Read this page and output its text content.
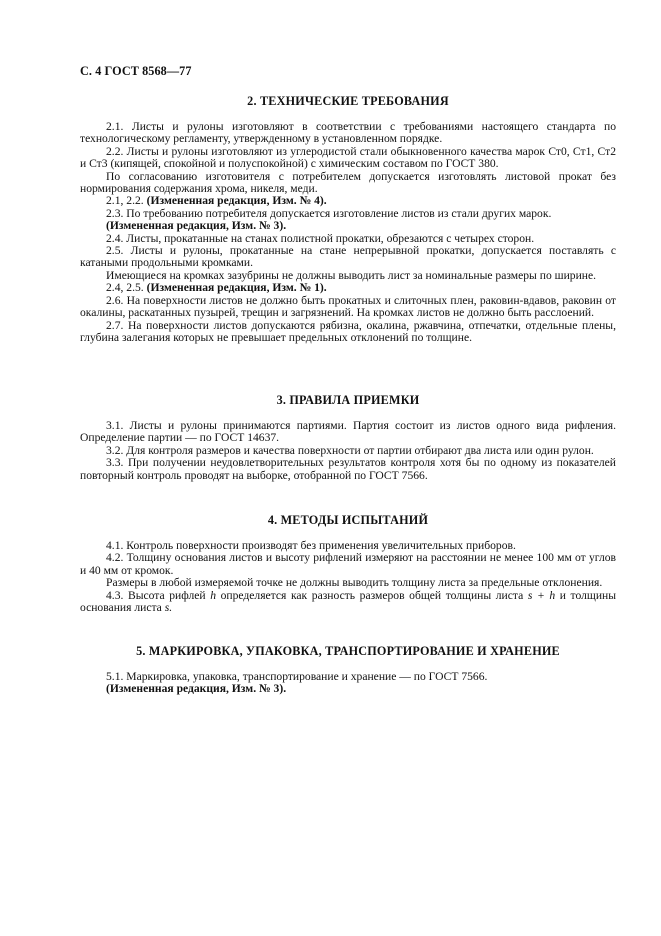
С. 4 ГОСТ 8568—77
2. ТЕХНИЧЕСКИЕ ТРЕБОВАНИЯ

2.1. Листы и рулоны изготовляют в соответствии с требованиями настоящего стандарта по технологическому регламенту, утвержденному в установленном порядке.

2.2. Листы и рулоны изготовляют из углеродистой стали обыкновенного качества марок Ст0, Ст1, Ст2 и Ст3 (кипящей, спокойной и полуспокойной) с химическим составом по ГОСТ 380.

По согласованию изготовителя с потребителем допускается изготовлять листовой прокат без нормирования содержания хрома, никеля, меди.

2.1, 2.2. (Измененная редакция, Изм. № 4).

2.3. По требованию потребителя допускается изготовление листов из стали других марок.

(Измененная редакция, Изм. № 3).

2.4. Листы, прокатанные на станах полистной прокатки, обрезаются с четырех сторон.

2.5. Листы и рулоны, прокатанные на стане непрерывной прокатки, допускается поставлять с катаными продольными кромками.

Имеющиеся на кромках зазубрины не должны выводить лист за номинальные размеры по ширине.

2.4, 2.5. (Измененная редакция, Изм. № 1).

2.6. На поверхности листов не должно быть прокатных и слиточных плен, раковин-вдавов, раковин от окалины, раскатанных пузырей, трещин и загрязнений. На кромках листов не должно быть расслоений.

2.7. На поверхности листов допускаются рябизна, окалина, ржавчина, отпечатки, отдельные плены, глубина залегания которых не превышает предельных отклонений по толщине.

3. ПРАВИЛА ПРИЕМКИ

3.1. Листы и рулоны принимаются партиями. Партия состоит из листов одного вида рифления. Определение партии — по ГОСТ 14637.

3.2. Для контроля размеров и качества поверхности от партии отбирают два листа или один рулон.

3.3. При получении неудовлетворительных результатов контроля хотя бы по одному из показателей повторный контроль проводят на выборке, отобранной по ГОСТ 7566.

4. МЕТОДЫ ИСПЫТАНИЙ

4.1. Контроль поверхности производят без применения увеличительных приборов.

4.2. Толщину основания листов и высоту рифлений измеряют на расстоянии не менее 100 мм от углов и 40 мм от кромок.

Размеры в любой измеряемой точке не должны выводить толщину листа за предельные отклонения.

4.3. Высота рифлей h определяется как разность размеров общей толщины листа s + h и толщины основания листа s.

5. МАРКИРОВКА, УПАКОВКА, ТРАНСПОРТИРОВАНИЕ И ХРАНЕНИЕ

5.1. Маркировка, упаковка, транспортирование и хранение — по ГОСТ 7566.

(Измененная редакция, Изм. № 3).
